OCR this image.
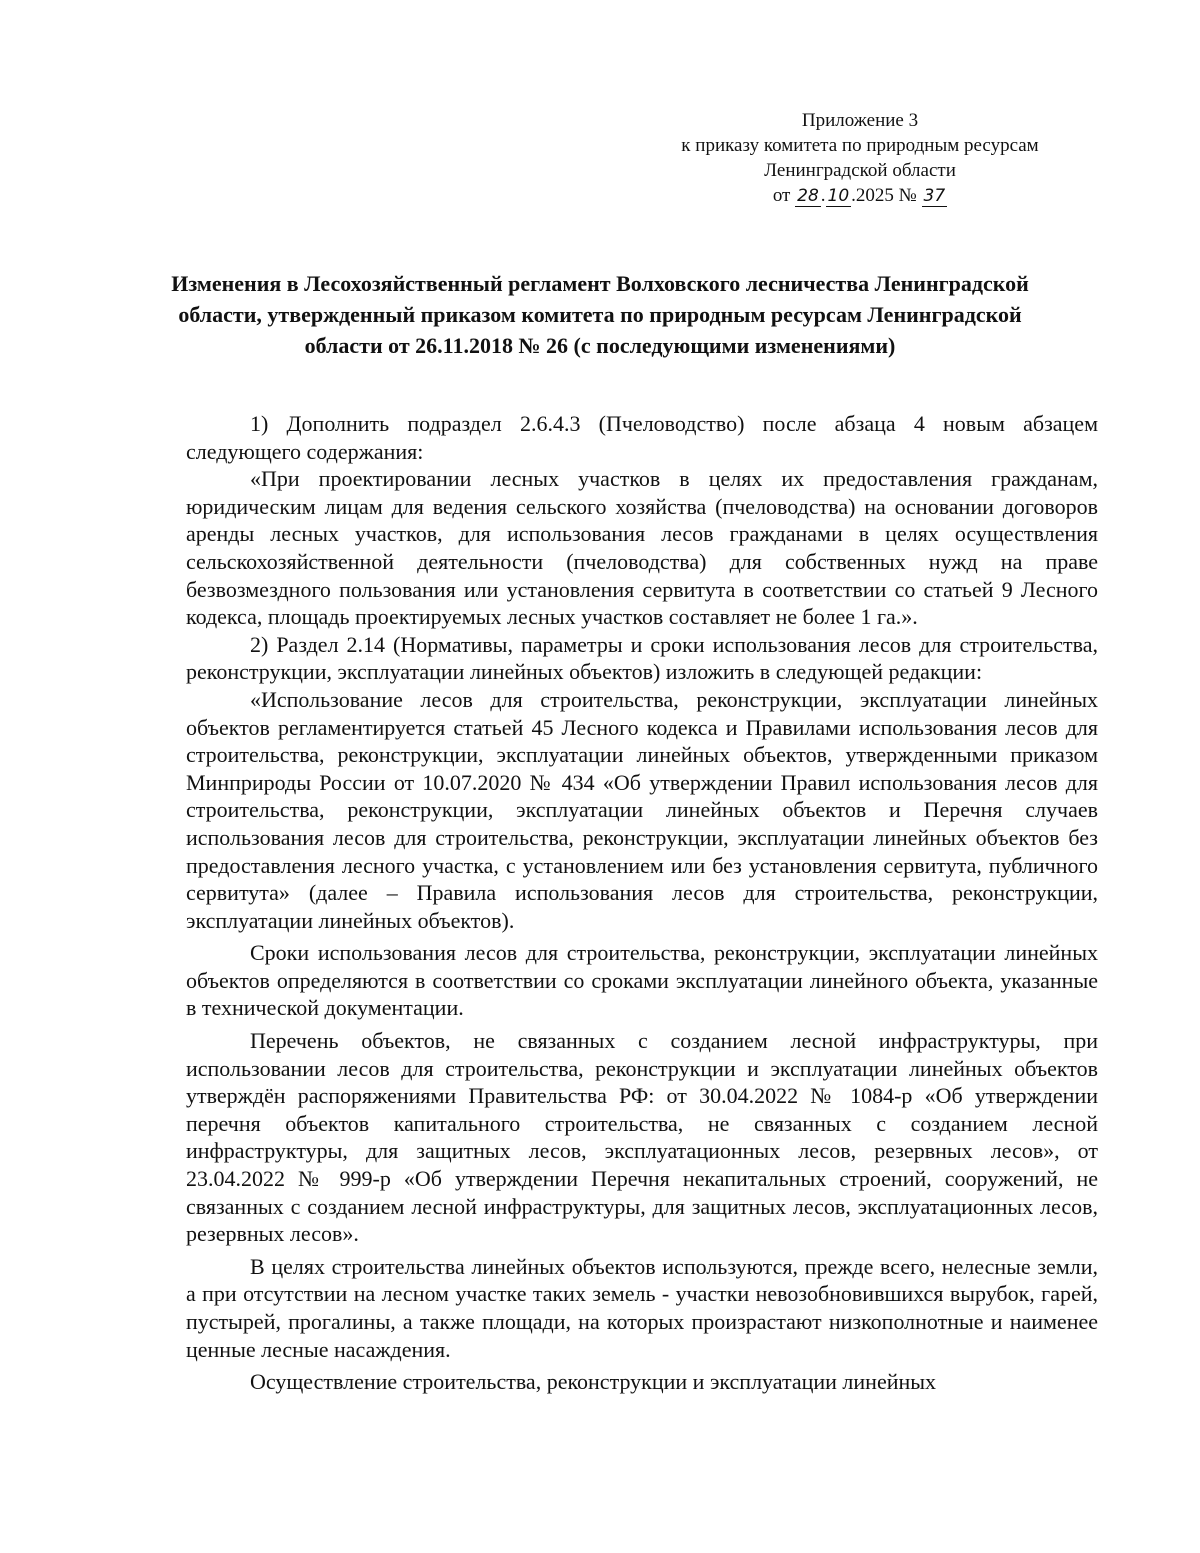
Приложение 3
к приказу комитета по природным ресурсам
Ленинградской области
от 28 . 10 .2025 № 37
Изменения в Лесохозяйственный регламент Волховского лесничества Ленинградской области, утвержденный приказом комитета по природным ресурсам Ленинградской области от 26.11.2018 № 26 (с последующими изменениями)

1) Дополнить подраздел 2.6.4.3 (Пчеловодство) после абзаца 4 новым абзацем следующего содержания:

«При проектировании лесных участков в целях их предоставления гражданам, юридическим лицам для ведения сельского хозяйства (пчеловодства) на основании договоров аренды лесных участков, для использования лесов гражданами в целях осуществления сельскохозяйственной деятельности (пчеловодства) для собственных нужд на праве безвозмездного пользования или установления сервитута в соответствии со статьей 9 Лесного кодекса, площадь проектируемых лесных участков составляет не более 1 га.».

2) Раздел 2.14 (Нормативы, параметры и сроки использования лесов для строительства, реконструкции, эксплуатации линейных объектов) изложить в следующей редакции:

«Использование лесов для строительства, реконструкции, эксплуатации линейных объектов регламентируется статьей 45 Лесного кодекса и Правилами использования лесов для строительства, реконструкции, эксплуатации линейных объектов, утвержденными приказом Минприроды России от 10.07.2020 № 434 «Об утверждении Правил использования лесов для строительства, реконструкции, эксплуатации линейных объектов и Перечня случаев использования лесов для строительства, реконструкции, эксплуатации линейных объектов без предоставления лесного участка, с установлением или без установления сервитута, публичного сервитута» (далее – Правила использования лесов для строительства, реконструкции, эксплуатации линейных объектов).

Сроки использования лесов для строительства, реконструкции, эксплуатации линейных объектов определяются в соответствии со сроками эксплуатации линейного объекта, указанные в технической документации.

Перечень объектов, не связанных с созданием лесной инфраструктуры, при использовании лесов для строительства, реконструкции и эксплуатации линейных объектов утверждён распоряжениями Правительства РФ: от 30.04.2022 № 1084-р «Об утверждении перечня объектов капитального строительства, не связанных с созданием лесной инфраструктуры, для защитных лесов, эксплуатационных лесов, резервных лесов», от 23.04.2022 № 999-р «Об утверждении Перечня некапитальных строений, сооружений, не связанных с созданием лесной инфраструктуры, для защитных лесов, эксплуатационных лесов, резервных лесов».

В целях строительства линейных объектов используются, прежде всего, нелесные земли, а при отсутствии на лесном участке таких земель - участки невозобновившихся вырубок, гарей, пустырей, прогалины, а также площади, на которых произрастают низкополнотные и наименее ценные лесные насаждения.

Осуществление строительства, реконструкции и эксплуатации линейных
